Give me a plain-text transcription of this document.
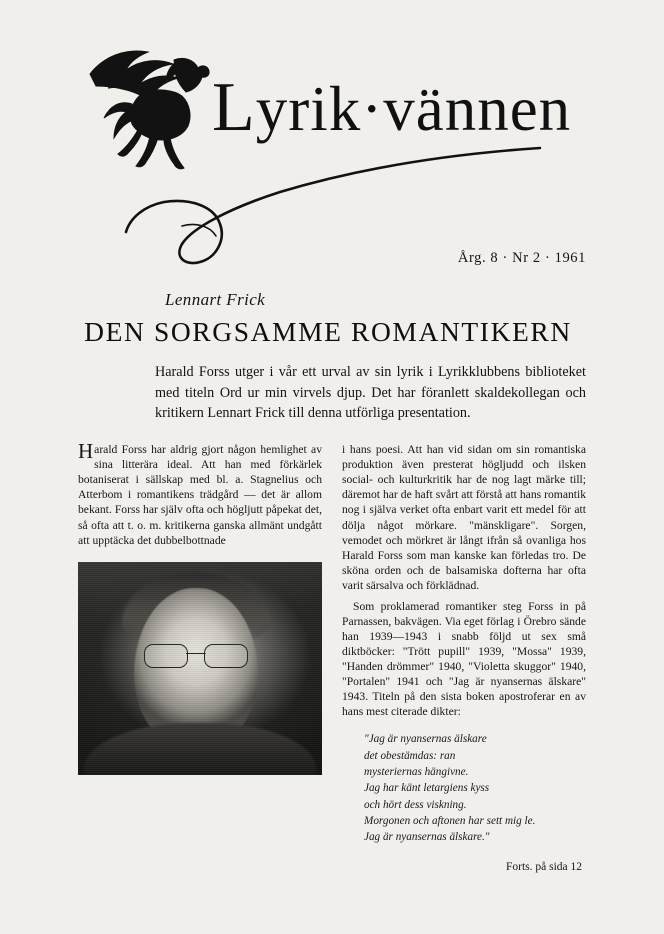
Lyrik·vännen
Årg. 8 · Nr 2 · 1961
Lennart Frick
DEN SORGSAMME ROMANTIKERN
Harald Forss utger i vår ett urval av sin lyrik i Lyrikklubbens biblioteket med titeln Ord ur min virvels djup. Det har föranlett skaldekollegan och kritikern Lennart Frick till denna utförliga presentation.

Harald Forss har aldrig gjort någon hemlighet av sina litterära ideal. Att han med förkärlek botaniserat i sällskap med bl. a. Stagnelius och Atterbom i romantikens trädgård — det är allom bekant. Forss har själv ofta och högljutt påpekat det, så ofta att t. o. m. kritikerna ganska allmänt undgått att upptäcka det dubbelbottnade

i hans poesi. Att han vid sidan om sin romantiska produktion även presterat högljudd och ilsken social- och kulturkritik har de nog lagt märke till; däremot har de haft svårt att förstå att hans romantik nog i själva verket ofta enbart varit ett medel för att dölja något mörkare. "mänskligare". Sorgen, vemodet och mörkret är långt ifrån så ovanliga hos Harald Forss som man kanske kan förledas tro. De sköna orden och de balsamiska dofterna har ofta varit särsalva och förklädnad.

Som proklamerad romantiker steg Forss in på Parnassen, bakvägen. Via eget förlag i Örebro sände han 1939—1943 i snabb följd ut sex små diktböcker: "Trött pupill" 1939, "Mossa" 1939, "Handen drömmer" 1940, "Violetta skuggor" 1940, "Portalen" 1941 och "Jag är nyansernas älskare" 1943. Titeln på den sista boken apostroferar en av hans mest citerade dikter:

"Jag är nyansernas älskare
det obestämdas: ran
mysteriernas hängivne.
Jag har känt letargiens kyss
och hört dess viskning.
Morgonen och aftonen har sett mig le.
Jag är nyansernas älskare."
Forts. på sida 12
